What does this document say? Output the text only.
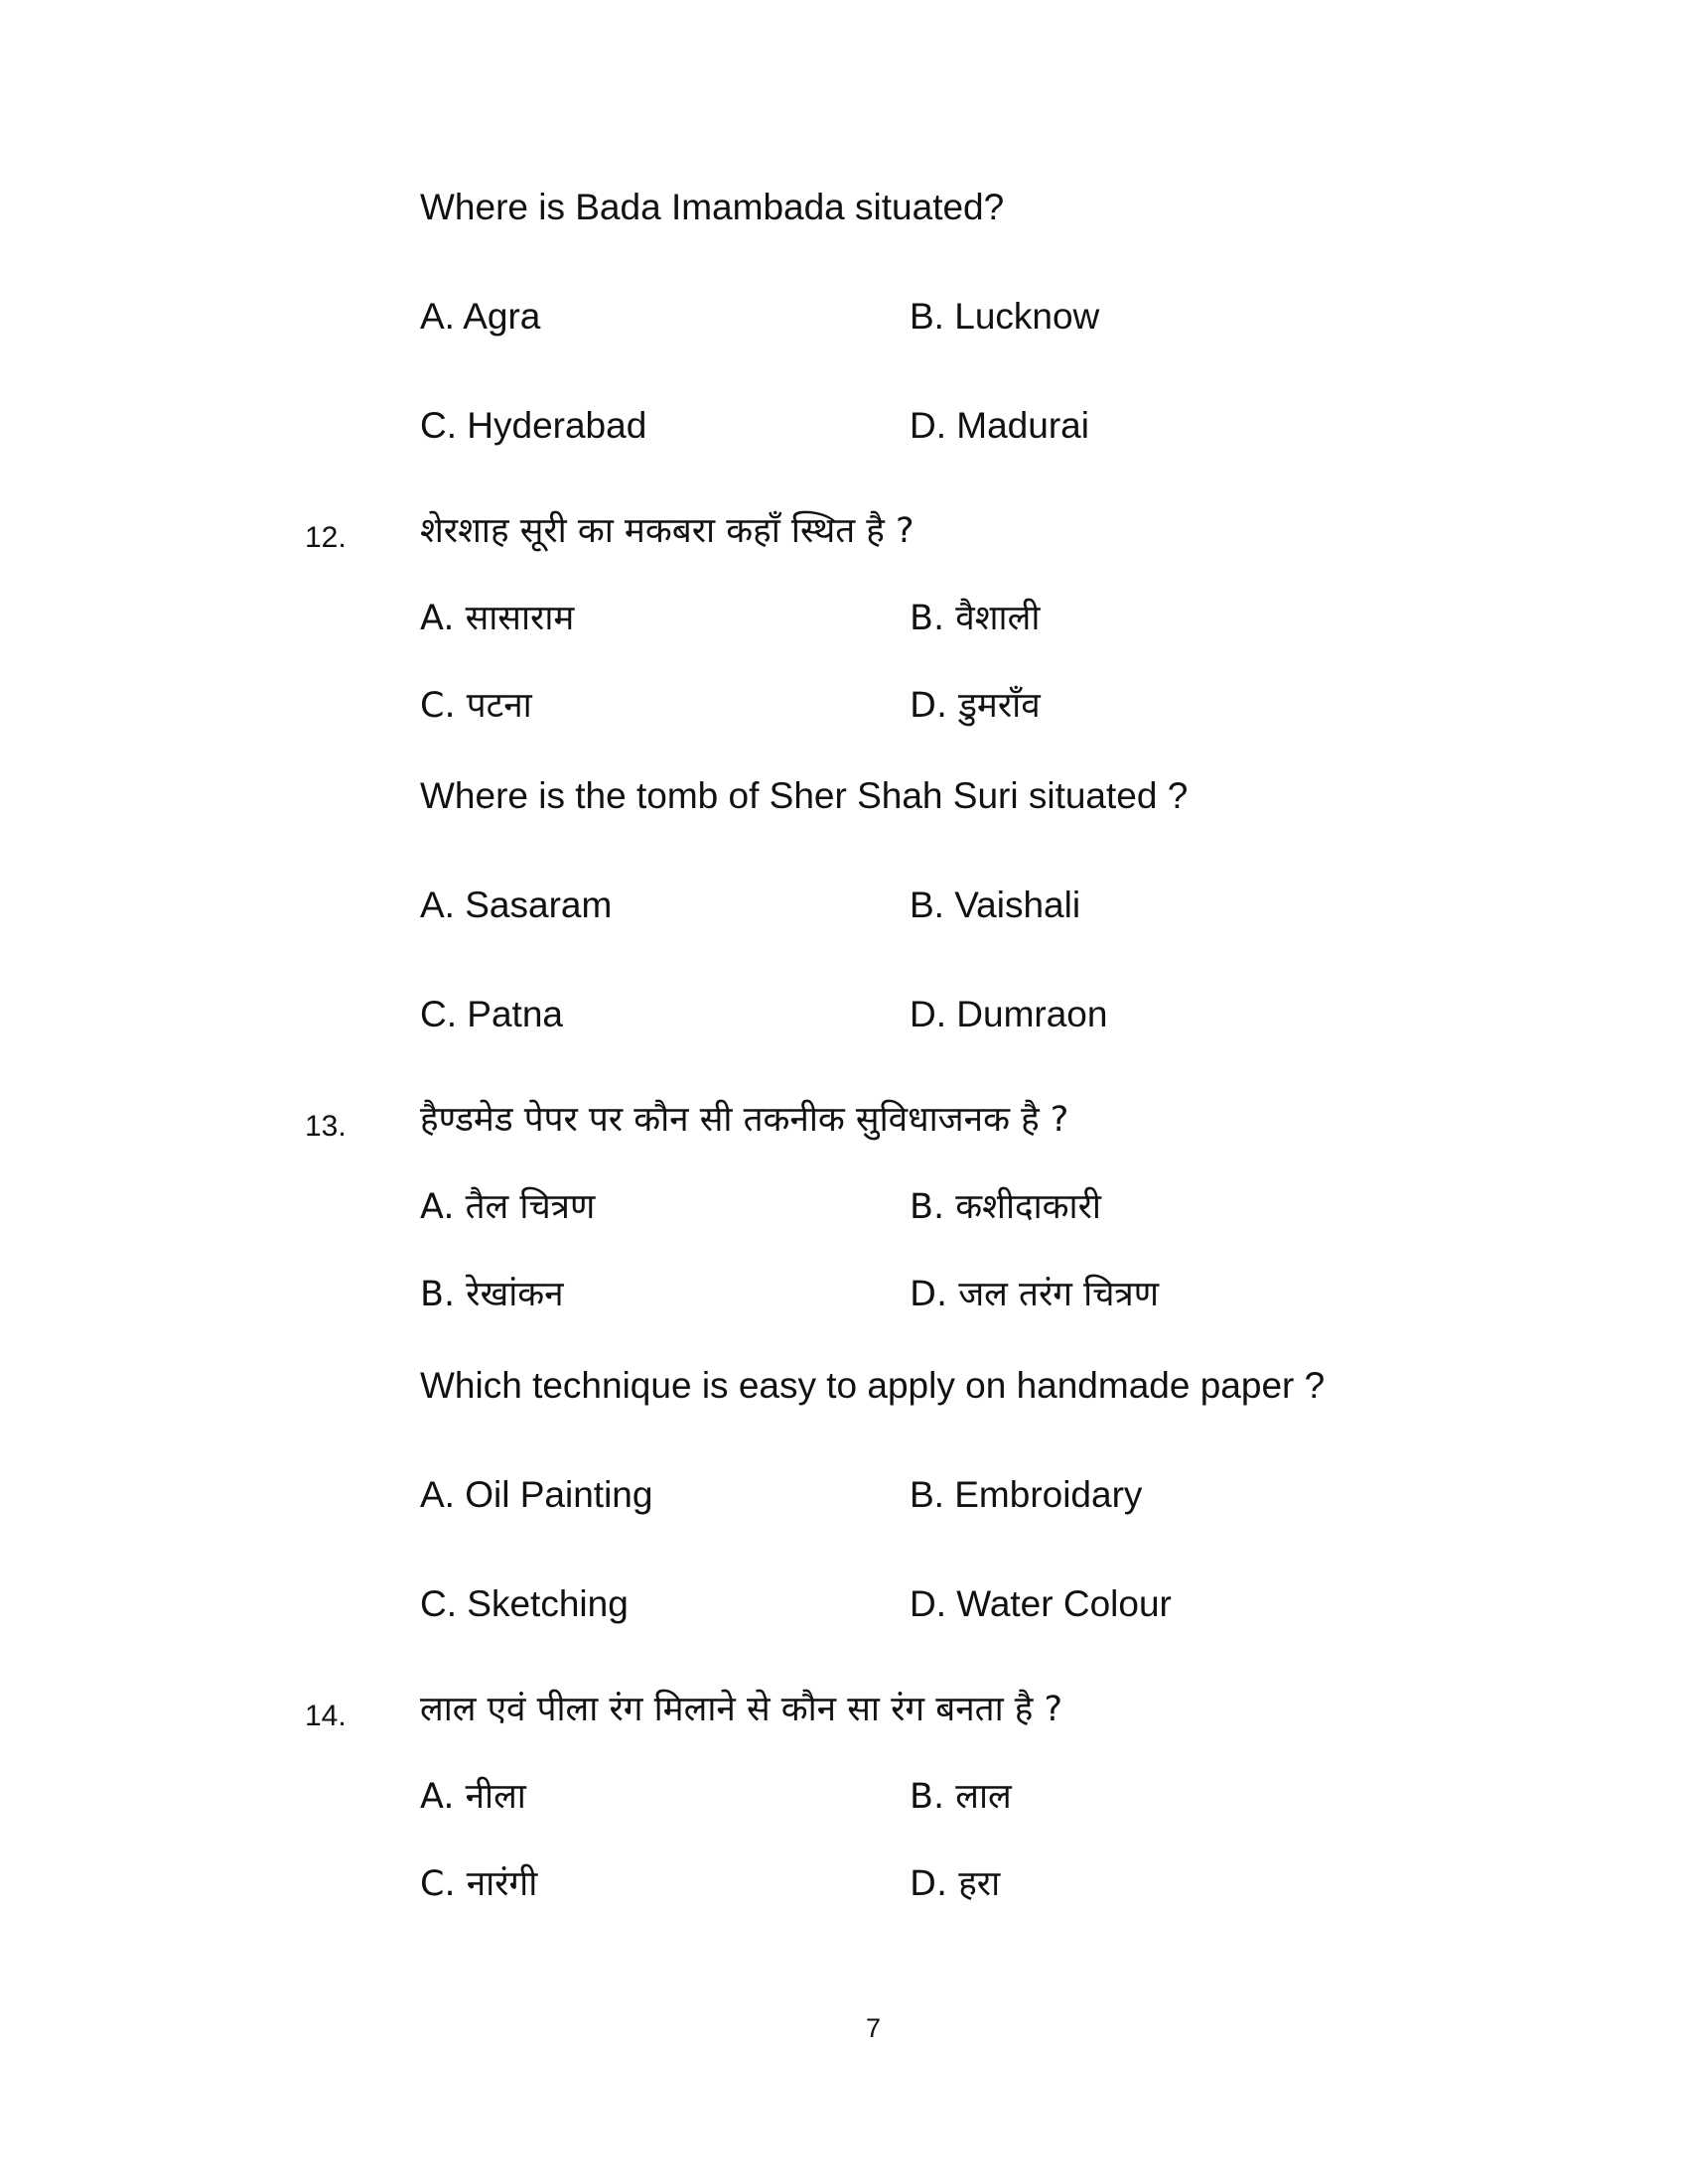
Where is Bada Imambada situated?
A. Agra	B. Lucknow
C. Hyderabad	D. Madurai
12. शेरशाह सूरी का मकबरा कहाँ स्थित है ?
A. सासाराम	B. वैशाली
C. पटना	D. डुमराँव
Where is the tomb of Sher Shah Suri situated ?
A. Sasaram	B. Vaishali
C. Patna	D. Dumraon
13. हैण्डमेड पेपर पर कौन सी तकनीक सुविधाजनक है ?
A. तैल चित्रण	B. कशीदाकारी
B. रेखांकन	D. जल तरंग चित्रण
Which technique is easy to apply on handmade paper ?
A. Oil Painting	B. Embroidary
C. Sketching	D. Water Colour
14. लाल एवं पीला रंग मिलाने से कौन सा रंग बनता है ?
A. नीला	B. लाल
C. नारंगी	D. हरा
7
